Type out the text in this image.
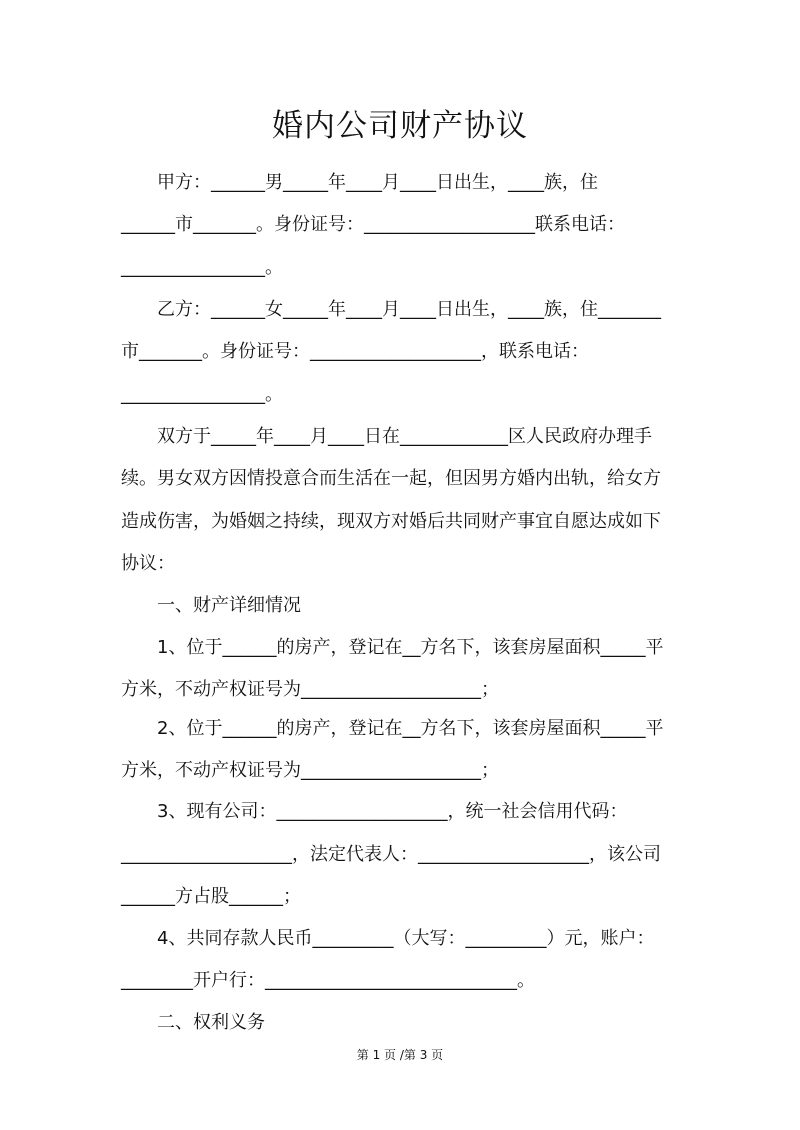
婚内公司财产协议
甲方：______男_____年____月____日出生，____族，住
______市_______。身份证号：___________________联系电话：
________________。
乙方：______女_____年____月____日出生，____族，住_______
市_______。身份证号：___________________，联系电话：
________________。
双方于_____年____月____日在____________区人民政府办理手
续。男女双方因情投意合而生活在一起，但因男方婚内出轨，给女方
造成伤害，为婚姻之持续，现双方对婚后共同财产事宜自愿达成如下
协议：
一、财产详细情况
1、位于______的房产，登记在__方名下，该套房屋面积_____平
方米，不动产权证号为____________________；
2、位于______的房产，登记在__方名下，该套房屋面积_____平
方米，不动产权证号为____________________；
3、现有公司：___________________，统一社会信用代码：
___________________，法定代表人：___________________，该公司
______方占股______；
4、共同存款人民币_________（大写：_________）元，账户：
________开户行：____________________________。
二、权利义务
第 1 页 /第 3 页
